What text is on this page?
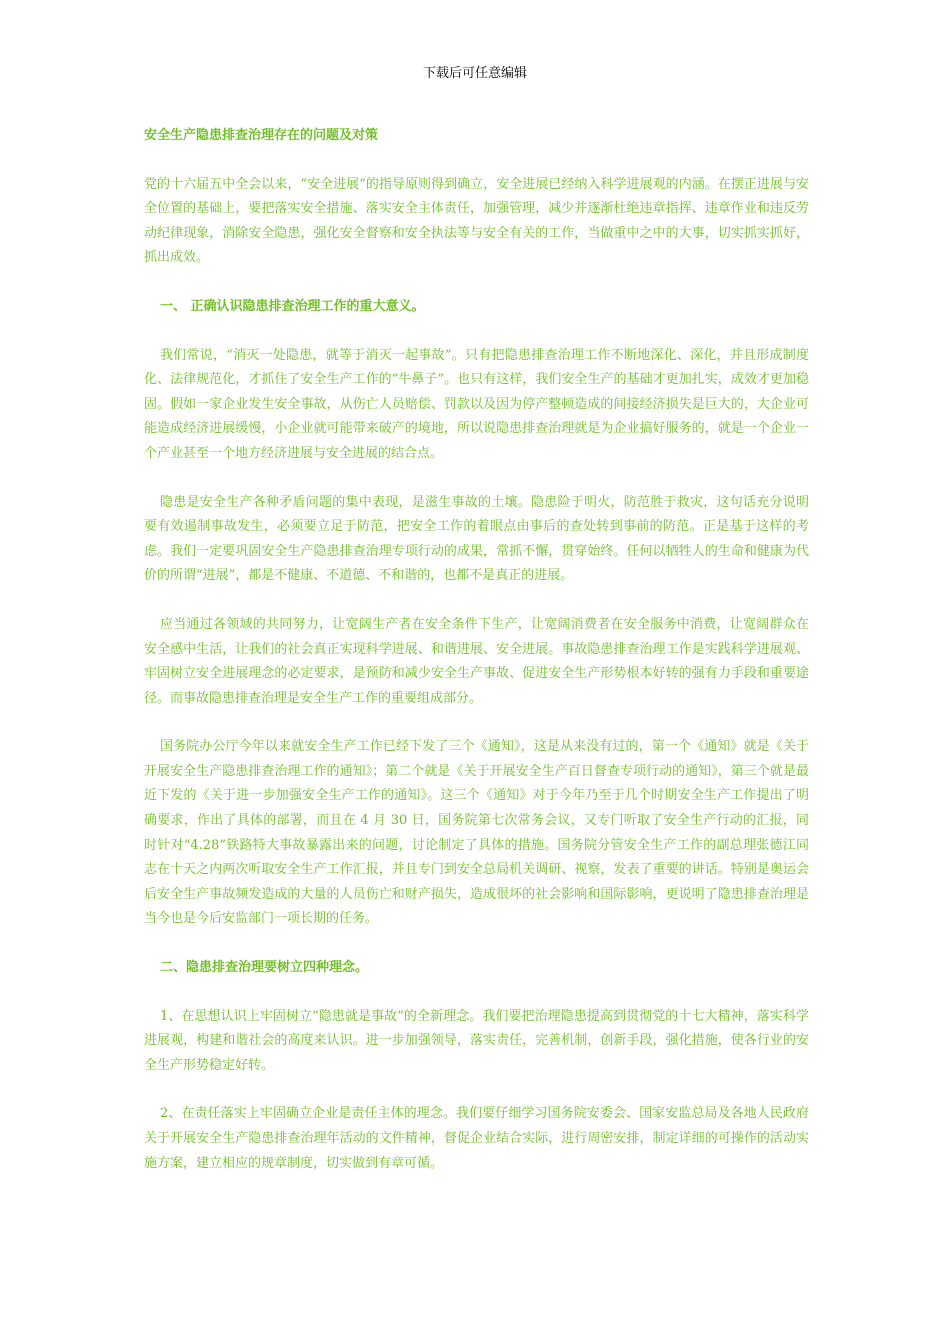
下载后可任意编辑
安全生产隐患排查治理存在的问题及对策

党的十六届五中全会以来，“安全进展”的指导原则得到确立，安全进展已经纳入科学进展观的内涵。在摆正进展与安全位置的基础上，要把落实安全措施、落实安全主体责任，加强管理，减少并逐渐杜绝违章指挥、违章作业和违反劳动纪律现象，消除安全隐患，强化安全督察和安全执法等与安全有关的工作，当做重中之中的大事，切实抓实抓好，抓出成效。

一、 正确认识隐患排查治理工作的重大意义。

我们常说，“消灭一处隐患，就等于消灭一起事故”。只有把隐患排查治理工作不断地深化、深化，并且形成制度化、法律规范化，才抓住了安全生产工作的“牛鼻子”。也只有这样，我们安全生产的基础才更加扎实，成效才更加稳固。假如一家企业发生安全事故，从伤亡人员赔偿、罚款以及因为停产整顿造成的间接经济损失是巨大的，大企业可能造成经济进展缓慢，小企业就可能带来破产的境地，所以说隐患排查治理就是为企业搞好服务的，就是一个企业一个产业甚至一个地方经济进展与安全进展的结合点。

隐患是安全生产各种矛盾问题的集中表现，是滋生事故的土壤。隐患险于明火，防范胜于救灾，这句话充分说明要有效遏制事故发生，必须要立足于防范，把安全工作的着眼点由事后的查处转到事前的防范。正是基于这样的考虑。我们一定要巩固安全生产隐患排查治理专项行动的成果，常抓不懈，贯穿始终。任何以牺牲人的生命和健康为代价的所谓“进展”，都是不健康、不道德、不和谐的，也都不是真正的进展。

应当通过各领域的共同努力，让宽阔生产者在安全条件下生产，让宽阔消费者在安全服务中消费，让宽阔群众在安全感中生活，让我们的社会真正实现科学进展、和谐进展、安全进展。事故隐患排查治理工作是实践科学进展观、牢固树立安全进展理念的必定要求，是预防和减少安全生产事故、促进安全生产形势根本好转的强有力手段和重要途径。而事故隐患排查治理是安全生产工作的重要组成部分。

国务院办公厅今年以来就安全生产工作已经下发了三个《通知》，这是从来没有过的，第一个《通知》就是《关于开展安全生产隐患排查治理工作的通知》；第二个就是《关于开展安全生产百日督查专项行动的通知》，第三个就是最近下发的《关于进一步加强安全生产工作的通知》。这三个《通知》对于今年乃至于几个时期安全生产工作提出了明确要求，作出了具体的部署，而且在 4 月 30 日，国务院第七次常务会议，又专门听取了安全生产行动的汇报，同时针对“4.28”铁路特大事故暴露出来的问题，讨论制定了具体的措施。国务院分管安全生产工作的副总理张德江同志在十天之内两次听取安全生产工作汇报，并且专门到安全总局机关调研、视察，发表了重要的讲话。特别是奥运会后安全生产事故频发造成的大量的人员伤亡和财产损失，造成很坏的社会影响和国际影响，更说明了隐患排查治理是当今也是今后安监部门一项长期的任务。

二、隐患排查治理要树立四种理念。

1、在思想认识上牢固树立“隐患就是事故”的全新理念。我们要把治理隐患提高到贯彻党的十七大精神，落实科学进展观，构建和谐社会的高度来认识。进一步加强领导，落实责任，完善机制，创新手段，强化措施，使各行业的安全生产形势稳定好转。

2、在责任落实上牢固确立企业是责任主体的理念。我们要仔细学习国务院安委会、国家安监总局及各地人民政府关于开展安全生产隐患排查治理年活动的文件精神，督促企业结合实际，进行周密安排，制定详细的可操作的活动实施方案，建立相应的规章制度，切实做到有章可循。
